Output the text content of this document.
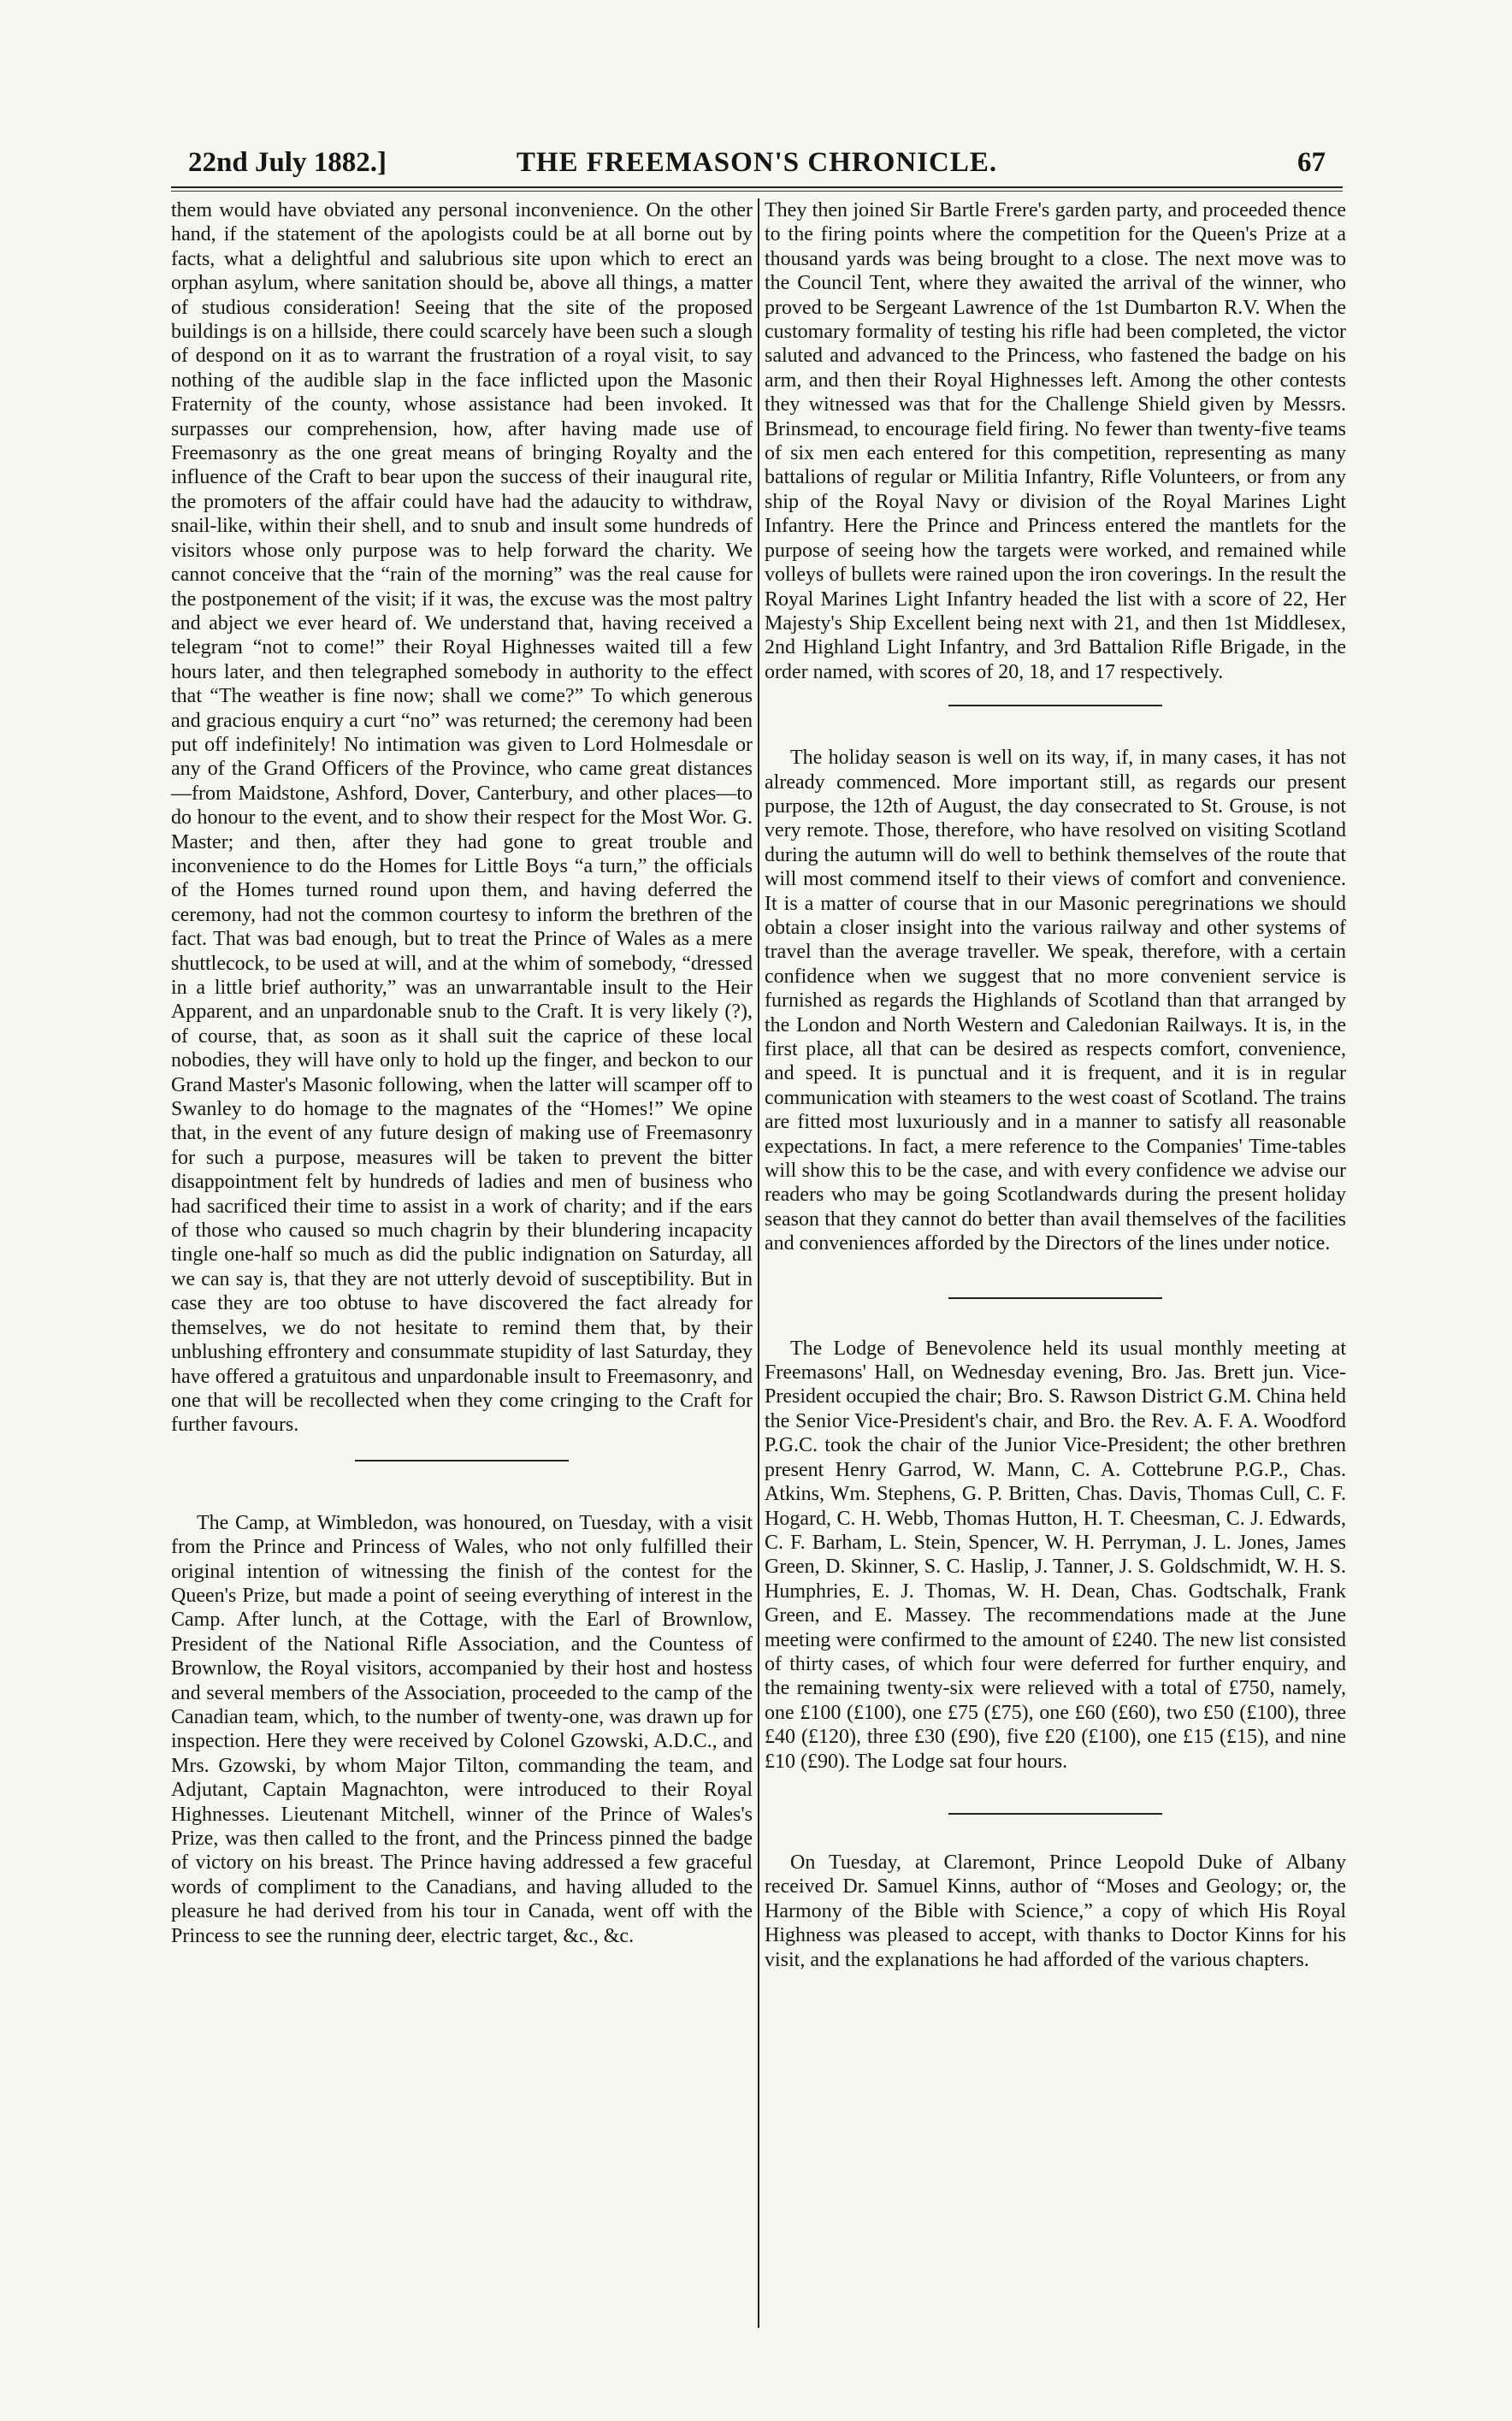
THE FREEMASON'S CHRONICLE.
22nd July 1882.]	67

them would have obviated any personal inconvenience. On the other hand, if the statement of the apologists could be at all borne out by facts, what a delightful and salubrious site upon which to erect an orphan asylum, where sanitation should be, above all things, a matter of studious consideration! Seeing that the site of the proposed buildings is on a hillside, there could scarcely have been such a slough of despond on it as to warrant the frustration of a royal visit, to say nothing of the audible slap in the face inflicted upon the Masonic Fraternity of the county, whose assistance had been invoked. It surpasses our comprehension, how, after having made use of Freemasonry as the one great means of bringing Royalty and the influence of the Craft to bear upon the success of their inaugural rite, the promoters of the affair could have had the adaucity to withdraw, snail-like, within their shell, and to snub and insult some hundreds of visitors whose only purpose was to help forward the charity. We cannot conceive that the “rain of the morning” was the real cause for the postponement of the visit; if it was, the excuse was the most paltry and abject we ever heard of. We understand that, having received a telegram “not to come!” their Royal Highnesses waited till a few hours later, and then telegraphed somebody in authority to the effect that “The weather is fine now; shall we come?” To which generous and gracious enquiry a curt “no” was returned; the ceremony had been put off indefinitely! No intimation was given to Lord Holmesdale or any of the Grand Officers of the Province, who came great distances—from Maidstone, Ashford, Dover, Canterbury, and other places—to do honour to the event, and to show their respect for the Most Wor. G. Master; and then, after they had gone to great trouble and inconvenience to do the Homes for Little Boys “a turn,” the officials of the Homes turned round upon them, and having deferred the ceremony, had not the common courtesy to inform the brethren of the fact. That was bad enough, but to treat the Prince of Wales as a mere shuttlecock, to be used at will, and at the whim of somebody, “dressed in a little brief authority,” was an unwarrantable insult to the Heir Apparent, and an unpardonable snub to the Craft. It is very likely (?), of course, that, as soon as it shall suit the caprice of these local nobodies, they will have only to hold up the finger, and beckon to our Grand Master's Masonic following, when the latter will scamper off to Swanley to do homage to the magnates of the “Homes!” We opine that, in the event of any future design of making use of Freemasonry for such a purpose, measures will be taken to prevent the bitter disappointment felt by hundreds of ladies and men of business who had sacrificed their time to assist in a work of charity; and if the ears of those who caused so much chagrin by their blundering incapacity tingle one-half so much as did the public indignation on Saturday, all we can say is, that they are not utterly devoid of susceptibility. But in case they are too obtuse to have discovered the fact already for themselves, we do not hesitate to remind them that, by their unblushing effrontery and consummate stupidity of last Saturday, they have offered a gratuitous and unpardonable insult to Freemasonry, and one that will be recollected when they come cringing to the Craft for further favours.

The Camp, at Wimbledon, was honoured, on Tuesday, with a visit from the Prince and Princess of Wales, who not only fulfilled their original intention of witnessing the finish of the contest for the Queen's Prize, but made a point of seeing everything of interest in the Camp. After lunch, at the Cottage, with the Earl of Brownlow, President of the National Rifle Association, and the Countess of Brownlow, the Royal visitors, accompanied by their host and hostess and several members of the Association, proceeded to the camp of the Canadian team, which, to the number of twenty-one, was drawn up for inspection. Here they were received by Colonel Gzowski, A.D.C., and Mrs. Gzowski, by whom Major Tilton, commanding the team, and Adjutant, Captain Magnachton, were introduced to their Royal Highnesses. Lieutenant Mitchell, winner of the Prince of Wales's Prize, was then called to the front, and the Princess pinned the badge of victory on his breast. The Prince having addressed a few graceful words of compliment to the Canadians, and having alluded to the pleasure he had derived from his tour in Canada, went off with the Princess to see the running deer, electric target, &c., &c.

They then joined Sir Bartle Frere's garden party, and proceeded thence to the firing points where the competition for the Queen's Prize at a thousand yards was being brought to a close. The next move was to the Council Tent, where they awaited the arrival of the winner, who proved to be Sergeant Lawrence of the 1st Dumbarton R.V. When the customary formality of testing his rifle had been completed, the victor saluted and advanced to the Princess, who fastened the badge on his arm, and then their Royal Highnesses left. Among the other contests they witnessed was that for the Challenge Shield given by Messrs. Brinsmead, to encourage field firing. No fewer than twenty-five teams of six men each entered for this competition, representing as many battalions of regular or Militia Infantry, Rifle Volunteers, or from any ship of the Royal Navy or division of the Royal Marines Light Infantry. Here the Prince and Princess entered the mantlets for the purpose of seeing how the targets were worked, and remained while volleys of bullets were rained upon the iron coverings. In the result the Royal Marines Light Infantry headed the list with a score of 22, Her Majesty's Ship Excellent being next with 21, and then 1st Middlesex, 2nd Highland Light Infantry, and 3rd Battalion Rifle Brigade, in the order named, with scores of 20, 18, and 17 respectively.

The holiday season is well on its way, if, in many cases, it has not already commenced. More important still, as regards our present purpose, the 12th of August, the day consecrated to St. Grouse, is not very remote. Those, therefore, who have resolved on visiting Scotland during the autumn will do well to bethink themselves of the route that will most commend itself to their views of comfort and convenience. It is a matter of course that in our Masonic peregrinations we should obtain a closer insight into the various railway and other systems of travel than the average traveller. We speak, therefore, with a certain confidence when we suggest that no more convenient service is furnished as regards the Highlands of Scotland than that arranged by the London and North Western and Caledonian Railways. It is, in the first place, all that can be desired as respects comfort, convenience, and speed. It is punctual and it is frequent, and it is in regular communication with steamers to the west coast of Scotland. The trains are fitted most luxuriously and in a manner to satisfy all reasonable expectations. In fact, a mere reference to the Companies' Time-tables will show this to be the case, and with every confidence we advise our readers who may be going Scotlandwards during the present holiday season that they cannot do better than avail themselves of the facilities and conveniences afforded by the Directors of the lines under notice.

The Lodge of Benevolence held its usual monthly meeting at Freemasons' Hall, on Wednesday evening, Bro. Jas. Brett jun. Vice-President occupied the chair; Bro. S. Rawson District G.M. China held the Senior Vice-President's chair, and Bro. the Rev. A. F. A. Woodford P.G.C. took the chair of the Junior Vice-President; the other brethren present Henry Garrod, W. Mann, C. A. Cottebrune P.G.P., Chas. Atkins, Wm. Stephens, G. P. Britten, Chas. Davis, Thomas Cull, C. F. Hogard, C. H. Webb, Thomas Hutton, H. T. Cheesman, C. J. Edwards, C. F. Barham, L. Stein, Spencer, W. H. Perryman, J. L. Jones, James Green, D. Skinner, S. C. Haslip, J. Tanner, J. S. Goldschmidt, W. H. S. Humphries, E. J. Thomas, W. H. Dean, Chas. Godtschalk, Frank Green, and E. Massey. The recommendations made at the June meeting were confirmed to the amount of £240. The new list consisted of thirty cases, of which four were deferred for further enquiry, and the remaining twenty-six were relieved with a total of £750, namely, one £100 (£100), one £75 (£75), one £60 (£60), two £50 (£100), three £40 (£120), three £30 (£90), five £20 (£100), one £15 (£15), and nine £10 (£90). The Lodge sat four hours.

On Tuesday, at Claremont, Prince Leopold Duke of Albany received Dr. Samuel Kinns, author of “Moses and Geology; or, the Harmony of the Bible with Science,” a copy of which His Royal Highness was pleased to accept, with thanks to Doctor Kinns for his visit, and the explanations he had afforded of the various chapters.
